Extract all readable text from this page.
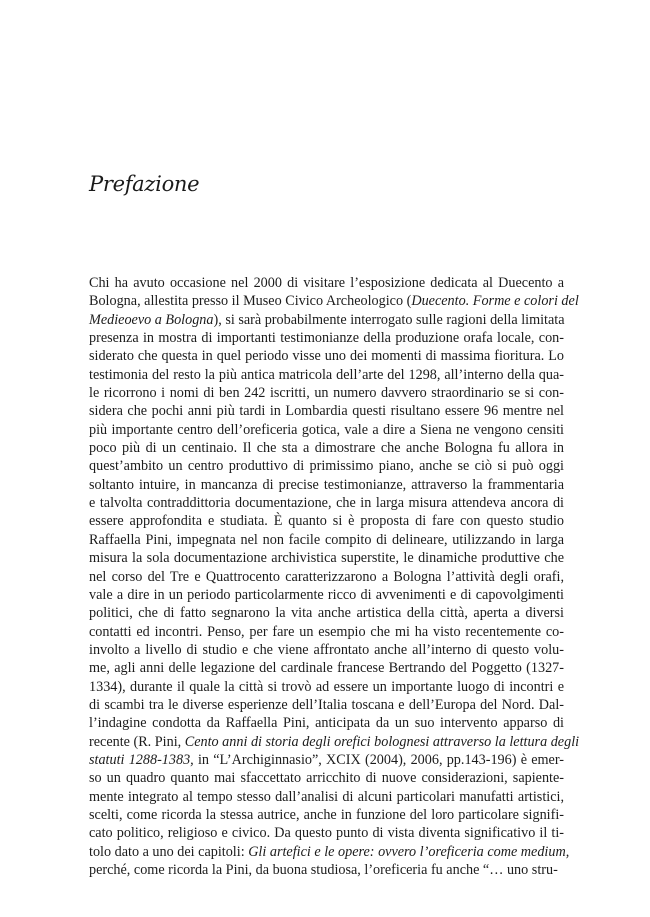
Prefazione
Chi ha avuto occasione nel 2000 di visitare l’esposizione dedicata al Duecento a
Bologna, allestita presso il Museo Civico Archeologico (Duecento. Forme e colori del
Medieoevo a Bologna), si sarà probabilmente interrogato sulle ragioni della limitata
presenza in mostra di importanti testimonianze della produzione orafa locale, con-
siderato che questa in quel periodo visse uno dei momenti di massima fioritura. Lo
testimonia del resto la più antica matricola dell’arte del 1298, all’interno della qua-
le ricorrono i nomi di ben 242 iscritti, un numero davvero straordinario se si con-
sidera che pochi anni più tardi in Lombardia questi risultano essere 96 mentre nel
più importante centro dell’oreficeria gotica, vale a dire a Siena ne vengono censiti
poco più di un centinaio. Il che sta a dimostrare che anche Bologna fu allora in
quest’ambito un centro produttivo di primissimo piano, anche se ciò si può oggi
soltanto intuire, in mancanza di precise testimonianze, attraverso la frammentaria
e talvolta contraddittoria documentazione, che in larga misura attendeva ancora di
essere approfondita e studiata. È quanto si è proposta di fare con questo studio
Raffaella Pini, impegnata nel non facile compito di delineare, utilizzando in larga
misura la sola documentazione archivistica superstite, le dinamiche produttive che
nel corso del Tre e Quattrocento caratterizzarono a Bologna l’attività degli orafi,
vale a dire in un periodo particolarmente ricco di avvenimenti e di capovolgimenti
politici, che di fatto segnarono la vita anche artistica della città, aperta a diversi
contatti ed incontri. Penso, per fare un esempio che mi ha visto recentemente co-
involto a livello di studio e che viene affrontato anche all’interno di questo volu-
me, agli anni delle legazione del cardinale francese Bertrando del Poggetto (1327-
1334), durante il quale la città si trovò ad essere un importante luogo di incontri e
di scambi tra le diverse esperienze dell’Italia toscana e dell’Europa del Nord. Dal-
l’indagine condotta da Raffaella Pini, anticipata da un suo intervento apparso di
recente (R. Pini, Cento anni di storia degli orefici bolognesi attraverso la lettura degli
statuti 1288-1383, in “L’Archiginnasio”, XCIX (2004), 2006, pp.143-196) è emer-
so un quadro quanto mai sfaccettato arricchito di nuove considerazioni, sapiente-
mente integrato al tempo stesso dall’analisi di alcuni particolari manufatti artistici,
scelti, come ricorda la stessa autrice, anche in funzione del loro particolare signifi-
cato politico, religioso e civico. Da questo punto di vista diventa significativo il ti-
tolo dato a uno dei capitoli: Gli artefici e le opere: ovvero l’oreficeria come medium,
perché, come ricorda la Pini, da buona studiosa, l’oreficeria fu anche “… uno stru-
